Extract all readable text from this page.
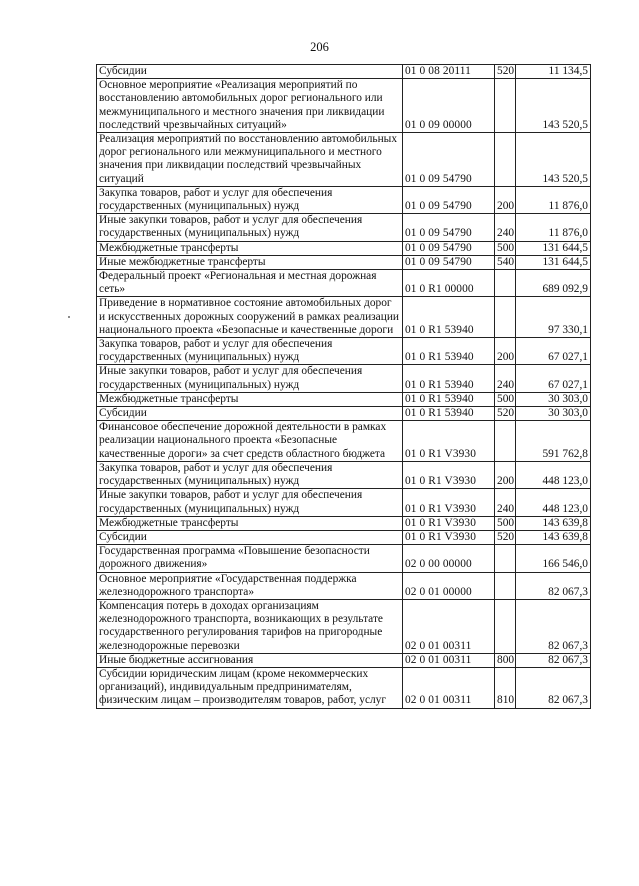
206
Субсидии	01 0 08 20111	520	11 134,5
Основное мероприятие «Реализация мероприятий по восстановлению автомобильных дорог регионального или межмуниципального и местного значения при ликвидации последствий чрезвычайных ситуаций»	01 0 09 00000		143 520,5
Реализация мероприятий по восстановлению автомобильных дорог регионального или межмуниципального и местного значения при ликвидации последствий чрезвычайных ситуаций	01 0 09 54790		143 520,5
Закупка товаров, работ и услуг для обеспечения государственных (муниципальных) нужд	01 0 09 54790	200	11 876,0
Иные закупки товаров, работ и услуг для обеспечения государственных (муниципальных) нужд	01 0 09 54790	240	11 876,0
Межбюджетные трансферты	01 0 09 54790	500	131 644,5
Иные межбюджетные трансферты	01 0 09 54790	540	131 644,5
Федеральный проект «Региональная и местная дорожная сеть»	01 0 R1 00000		689 092,9
Приведение в нормативное состояние автомобильных дорог и искусственных дорожных сооружений в рамках реализации национального проекта «Безопасные и качественные дороги	01 0 R1 53940		97 330,1
Закупка товаров, работ и услуг для обеспечения государственных (муниципальных) нужд	01 0 R1 53940	200	67 027,1
Иные закупки товаров, работ и услуг для обеспечения государственных (муниципальных) нужд	01 0 R1 53940	240	67 027,1
Межбюджетные трансферты	01 0 R1 53940	500	30 303,0
Субсидии	01 0 R1 53940	520	30 303,0
Финансовое обеспечение дорожной деятельности в рамках реализации национального проекта «Безопасные качественные дороги» за счет средств областного бюджета	01 0 R1 V3930		591 762,8
Закупка товаров, работ и услуг для обеспечения государственных (муниципальных) нужд	01 0 R1 V3930	200	448 123,0
Иные закупки товаров, работ и услуг для обеспечения государственных (муниципальных) нужд	01 0 R1 V3930	240	448 123,0
Межбюджетные трансферты	01 0 R1 V3930	500	143 639,8
Субсидии	01 0 R1 V3930	520	143 639,8
Государственная программа «Повышение безопасности дорожного движения»	02 0 00 00000		166 546,0
Основное мероприятие «Государственная поддержка железнодорожного транспорта»	02 0 01 00000		82 067,3
Компенсация потерь в доходах организациям железнодорожного транспорта, возникающих в результате государственного регулирования тарифов на пригородные железнодорожные перевозки	02 0 01 00311		82 067,3
Иные бюджетные ассигнования	02 0 01 00311	800	82 067,3
Субсидии юридическим лицам (кроме некоммерческих организаций), индивидуальным предпринимателям, физическим лицам – производителям товаров, работ, услуг	02 0 01 00311	810	82 067,3
